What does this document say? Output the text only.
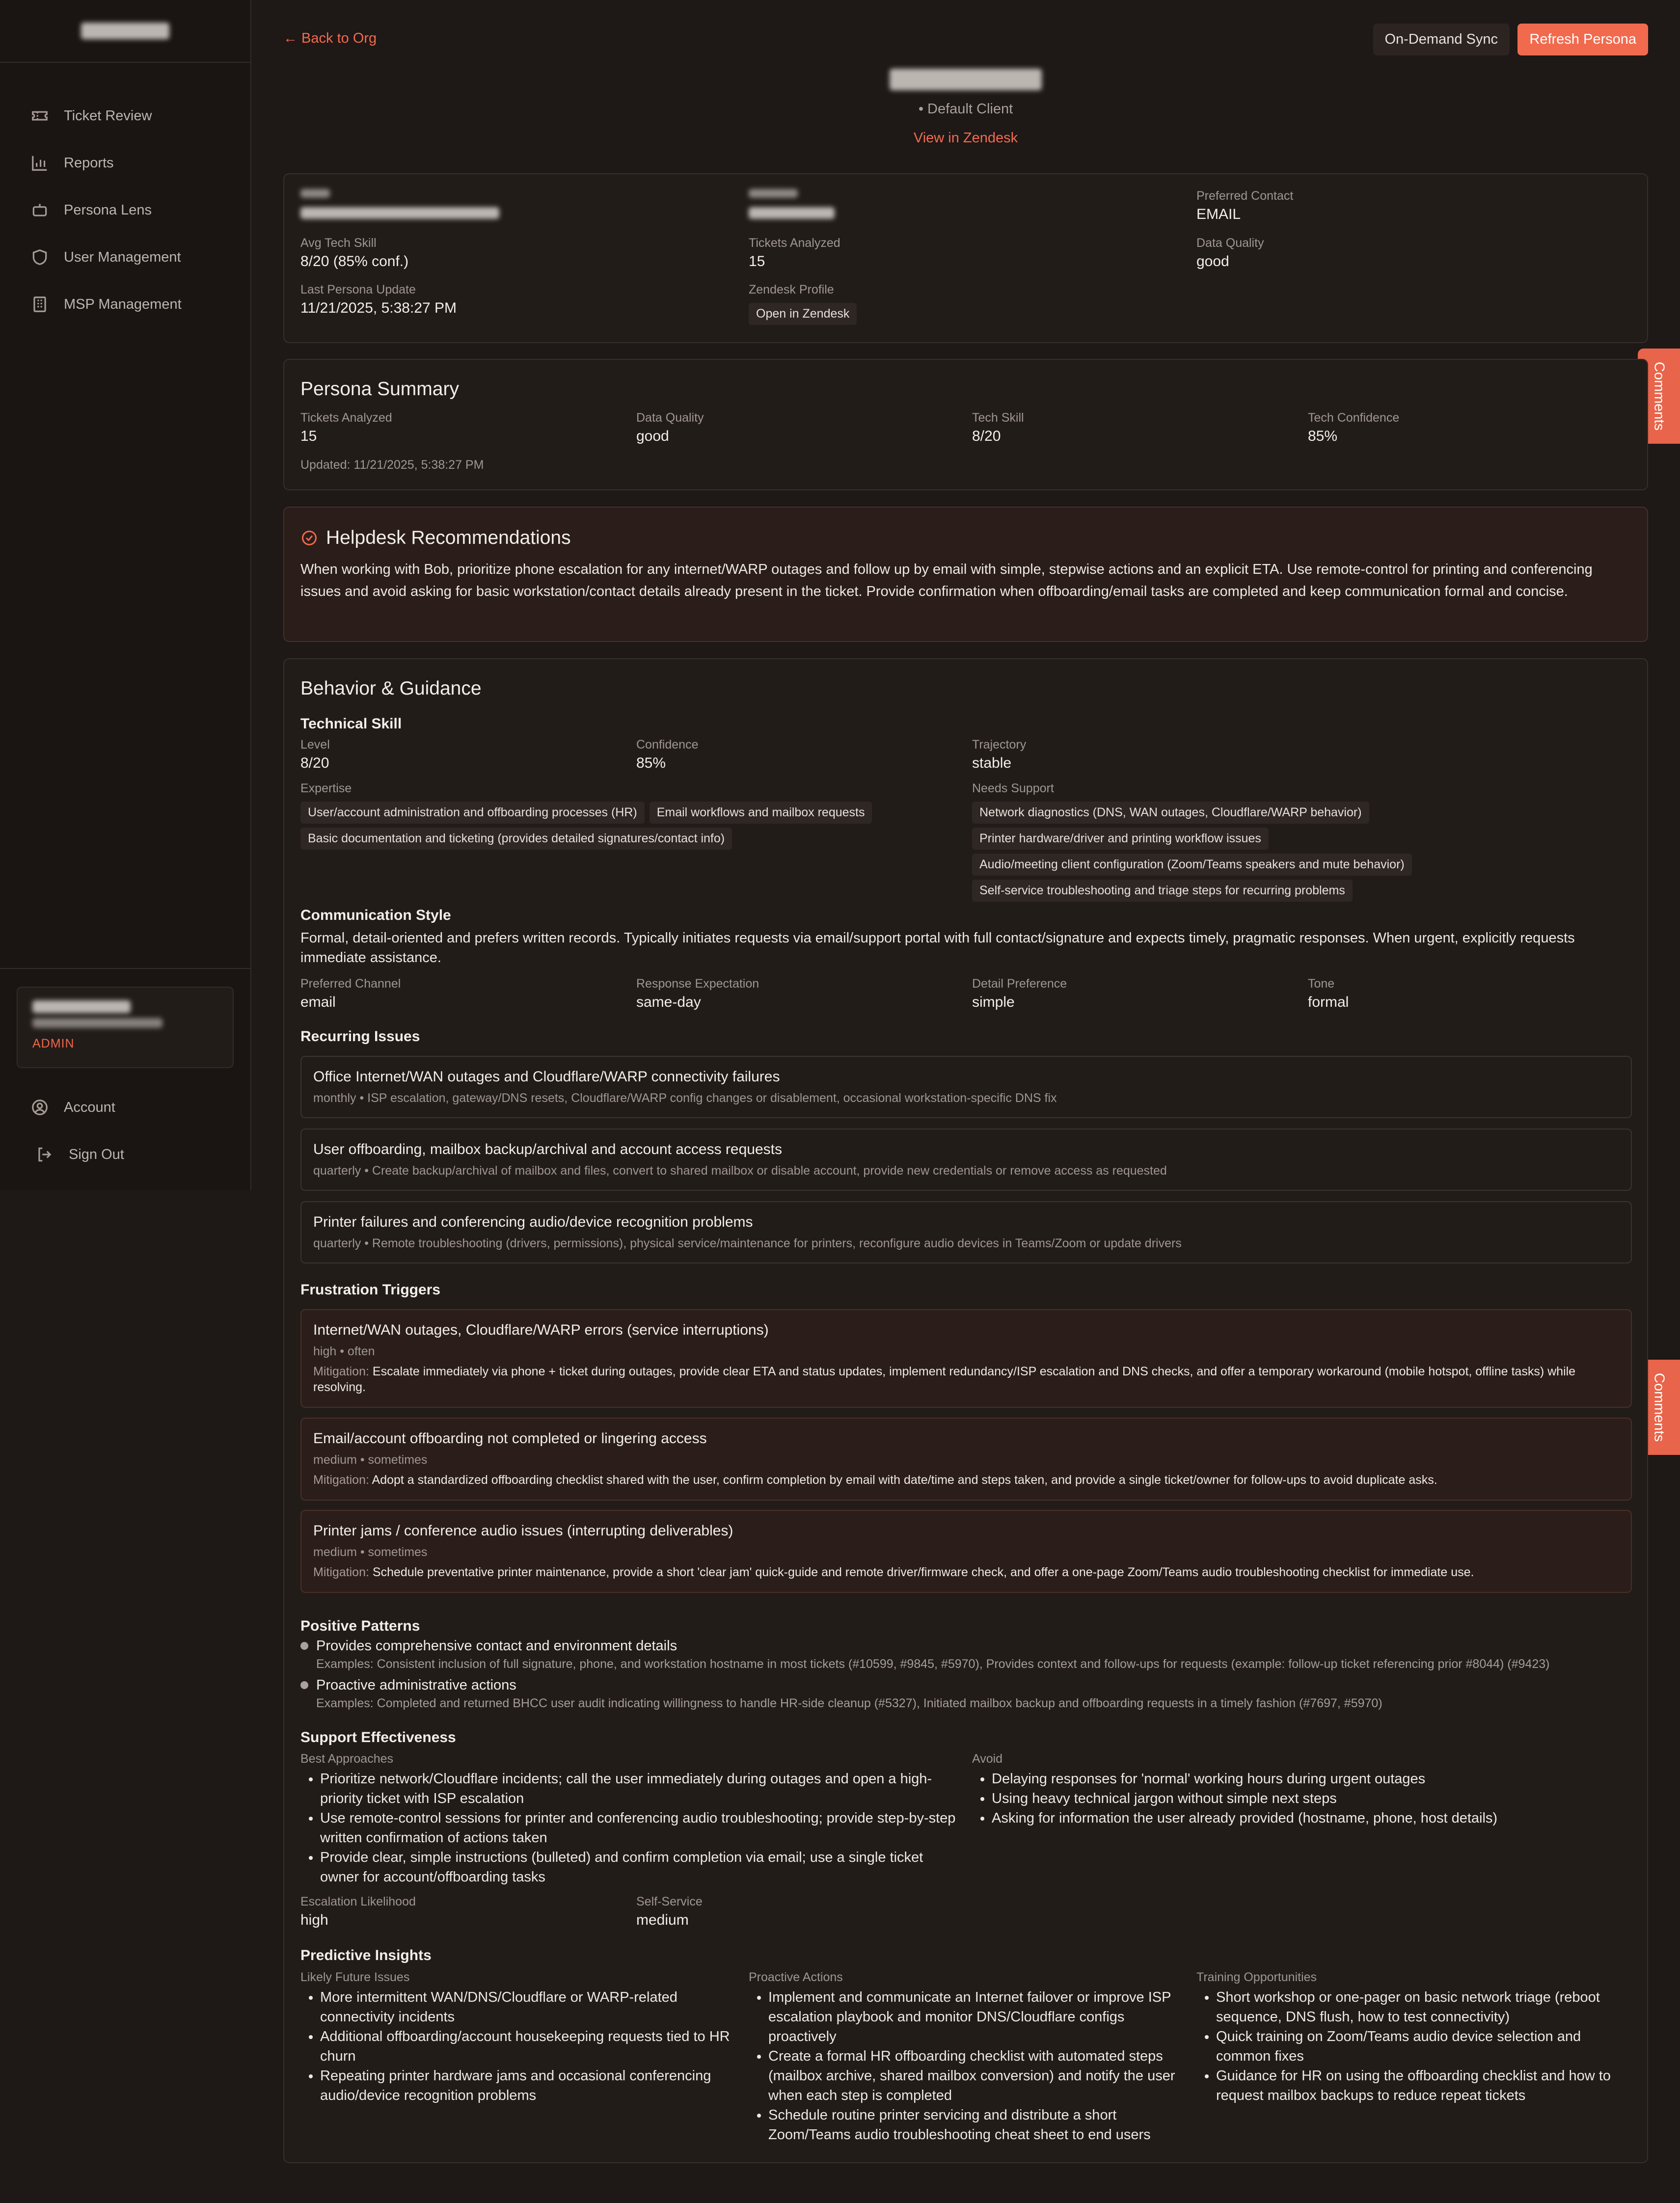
Ticket Review
Reports
Persona Lens
User Management
MSP Management
ADMIN
Account
Sign Out
Comments
Comments
← Back to Org	On-Demand Sync	Refresh Persona
• Default Client
View in Zendesk
Preferred Contact
EMAIL
Avg Tech Skill
8/20 (85% conf.)
Tickets Analyzed
15
Data Quality
good
Last Persona Update
11/21/2025, 5:38:27 PM
Zendesk Profile
Open in Zendesk
Persona Summary
Tickets Analyzed
15
Data Quality
good
Tech Skill
8/20
Tech Confidence
85%
Updated: 11/21/2025, 5:38:27 PM
Helpdesk Recommendations
When working with Bob, prioritize phone escalation for any internet/WARP outages and follow up by email with simple, stepwise actions and an explicit ETA. Use remote-control for printing and conferencing issues and avoid asking for basic workstation/contact details already present in the ticket. Provide confirmation when offboarding/email tasks are completed and keep communication formal and concise.
Behavior & Guidance
Technical Skill
Level
8/20
Confidence
85%
Trajectory
stable
Expertise
User/account administration and offboarding processes (HR) Email workflows and mailbox requests
Basic documentation and ticketing (provides detailed signatures/contact info)
Needs Support
Network diagnostics (DNS, WAN outages, Cloudflare/WARP behavior)
Printer hardware/driver and printing workflow issues
Audio/meeting client configuration (Zoom/Teams speakers and mute behavior)
Self-service troubleshooting and triage steps for recurring problems
Communication Style
Formal, detail-oriented and prefers written records. Typically initiates requests via email/support portal with full contact/signature and expects timely, pragmatic responses. When urgent, explicitly requests immediate assistance.
Preferred Channel
email
Response Expectation
same-day
Detail Preference
simple
Tone
formal
Recurring Issues
Office Internet/WAN outages and Cloudflare/WARP connectivity failures
monthly • ISP escalation, gateway/DNS resets, Cloudflare/WARP config changes or disablement, occasional workstation-specific DNS fix
User offboarding, mailbox backup/archival and account access requests
quarterly • Create backup/archival of mailbox and files, convert to shared mailbox or disable account, provide new credentials or remove access as requested
Printer failures and conferencing audio/device recognition problems
quarterly • Remote troubleshooting (drivers, permissions), physical service/maintenance for printers, reconfigure audio devices in Teams/Zoom or update drivers
Frustration Triggers
Internet/WAN outages, Cloudflare/WARP errors (service interruptions)
high • often
Mitigation: Escalate immediately via phone + ticket during outages, provide clear ETA and status updates, implement redundancy/ISP escalation and DNS checks, and offer a temporary workaround (mobile hotspot, offline tasks) while resolving.
Email/account offboarding not completed or lingering access
medium • sometimes
Mitigation: Adopt a standardized offboarding checklist shared with the user, confirm completion by email with date/time and steps taken, and provide a single ticket/owner for follow-ups to avoid duplicate asks.
Printer jams / conference audio issues (interrupting deliverables)
medium • sometimes
Mitigation: Schedule preventative printer maintenance, provide a short 'clear jam' quick-guide and remote driver/firmware check, and offer a one-page Zoom/Teams audio troubleshooting checklist for immediate use.
Positive Patterns
Provides comprehensive contact and environment details
Examples: Consistent inclusion of full signature, phone, and workstation hostname in most tickets (#10599, #9845, #5970), Provides context and follow-ups for requests (example: follow-up ticket referencing prior #8044) (#9423)
Proactive administrative actions
Examples: Completed and returned BHCC user audit indicating willingness to handle HR-side cleanup (#5327), Initiated mailbox backup and offboarding requests in a timely fashion (#7697, #5970)
Support Effectiveness
Best Approaches
• Prioritize network/Cloudflare incidents; call the user immediately during outages and open a high-priority ticket with ISP escalation
• Use remote-control sessions for printer and conferencing audio troubleshooting; provide step-by-step written confirmation of actions taken
• Provide clear, simple instructions (bulleted) and confirm completion via email; use a single ticket owner for account/offboarding tasks
Avoid
• Delaying responses for 'normal' working hours during urgent outages
• Using heavy technical jargon without simple next steps
• Asking for information the user already provided (hostname, phone, host details)
Escalation Likelihood
high
Self-Service
medium
Predictive Insights
Likely Future Issues
• More intermittent WAN/DNS/Cloudflare or WARP-related connectivity incidents
• Additional offboarding/account housekeeping requests tied to HR churn
• Repeating printer hardware jams and occasional conferencing audio/device recognition problems
Proactive Actions
• Implement and communicate an Internet failover or improve ISP escalation playbook and monitor DNS/Cloudflare configs proactively
• Create a formal HR offboarding checklist with automated steps (mailbox archive, shared mailbox conversion) and notify the user when each step is completed
• Schedule routine printer servicing and distribute a short Zoom/Teams audio troubleshooting cheat sheet to end users
Training Opportunities
• Short workshop or one-pager on basic network triage (reboot sequence, DNS flush, how to test connectivity)
• Quick training on Zoom/Teams audio device selection and common fixes
• Guidance for HR on using the offboarding checklist and how to request mailbox backups to reduce repeat tickets
